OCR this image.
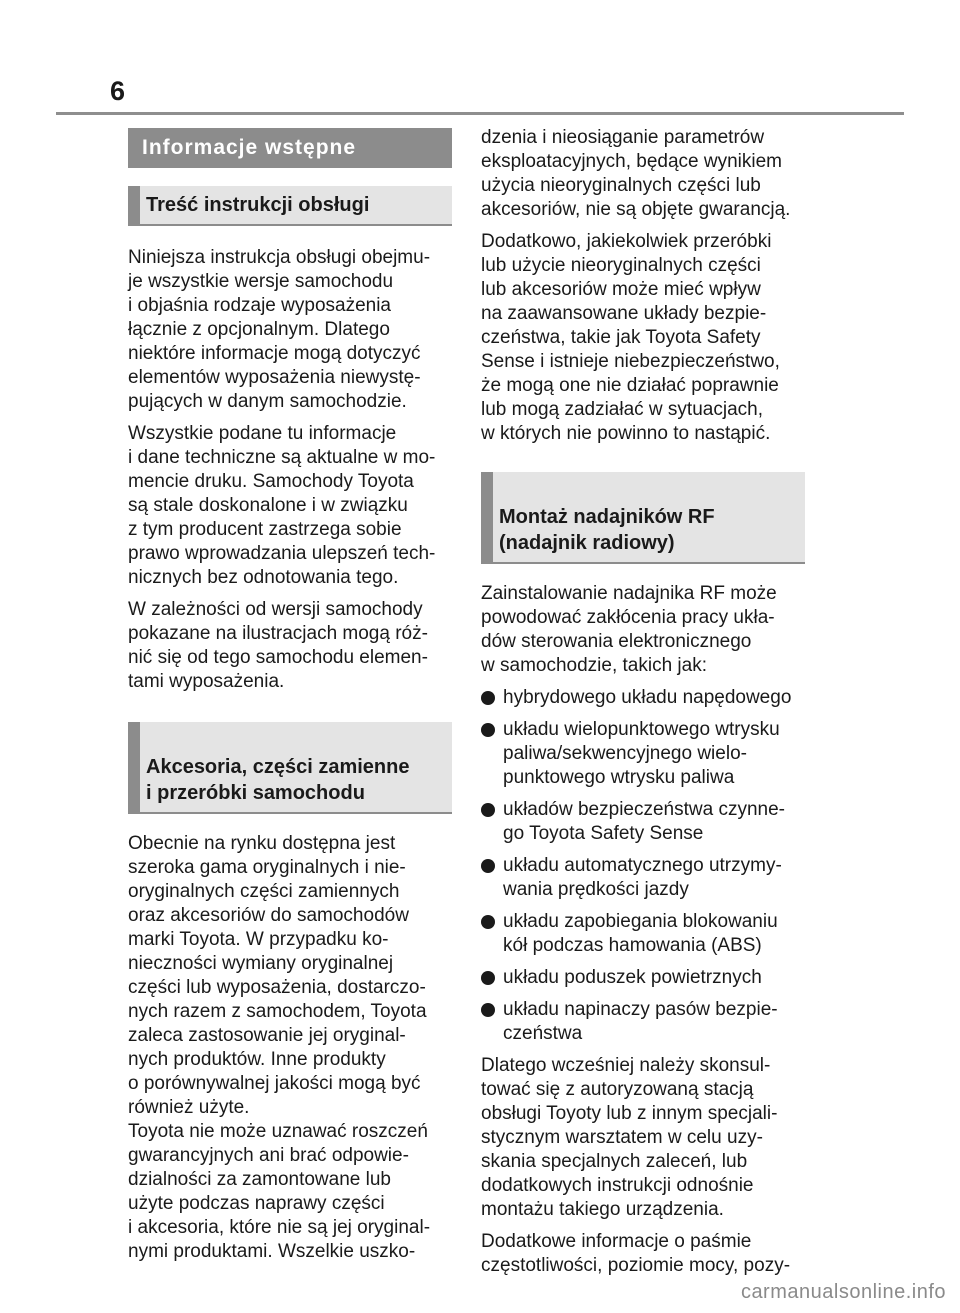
6
Informacje wstępne
Treść instrukcji obsługi

Niniejsza instrukcja obsługi obejmu-
je wszystkie wersje samochodu
i objaśnia rodzaje wyposażenia
łącznie z opcjonalnym. Dlatego
niektóre informacje mogą dotyczyć
elementów wyposażenia niewystę-
pujących w danym samochodzie.

Wszystkie podane tu informacje
i dane techniczne są aktualne w mo-
mencie druku. Samochody Toyota
są stale doskonalone i w związku
z tym producent zastrzega sobie
prawo wprowadzania ulepszeń tech-
nicznych bez odnotowania tego.

W zależności od wersji samochody
pokazane na ilustracjach mogą róż-
nić się od tego samochodu elemen-
tami wyposażenia.

Akcesoria, części zamienne
i przeróbki samochodu

Obecnie na rynku dostępna jest
szeroka gama oryginalnych i nie-
oryginalnych części zamiennych
oraz akcesoriów do samochodów
marki Toyota. W przypadku ko-
nieczności wymiany oryginalnej
części lub wyposażenia, dostarczo-
nych razem z samochodem, Toyota
zaleca zastosowanie jej oryginal-
nych produktów. Inne produkty
o porównywalnej jakości mogą być
również użyte.
Toyota nie może uznawać roszczeń
gwarancyjnych ani brać odpowie-
dzialności za zamontowane lub
użyte podczas naprawy części
i akcesoria, które nie są jej oryginal-
nymi produktami. Wszelkie uszko-

dzenia i nieosiąganie parametrów
eksploatacyjnych, będące wynikiem
użycia nieoryginalnych części lub
akcesoriów, nie są objęte gwarancją.

Dodatkowo, jakiekolwiek przeróbki
lub użycie nieoryginalnych części
lub akcesoriów może mieć wpływ
na zaawansowane układy bezpie-
czeństwa, takie jak Toyota Safety
Sense i istnieje niebezpieczeństwo,
że mogą one nie działać poprawnie
lub mogą zadziałać w sytuacjach,
w których nie powinno to nastąpić.

Montaż nadajników RF
(nadajnik radiowy)

Zainstalowanie nadajnika RF może
powodować zakłócenia pracy ukła-
dów sterowania elektronicznego
w samochodzie, takich jak:

hybrydowego układu napędowego
układu wielopunktowego wtrysku
paliwa/sekwencyjnego wielo-
punktowego wtrysku paliwa
układów bezpieczeństwa czynne-
go Toyota Safety Sense
układu automatycznego utrzymy-
wania prędkości jazdy
układu zapobiegania blokowaniu
kół podczas hamowania (ABS)
układu poduszek powietrznych
układu napinaczy pasów bezpie-
czeństwa

Dlatego wcześniej należy skonsul-
tować się z autoryzowaną stacją
obsługi Toyoty lub z innym specjali-
stycznym warsztatem w celu uzy-
skania specjalnych zaleceń, lub
dodatkowych instrukcji odnośnie
montażu takiego urządzenia.

Dodatkowe informacje o paśmie
częstotliwości, poziomie mocy, pozy-

carmanualsonline.info
